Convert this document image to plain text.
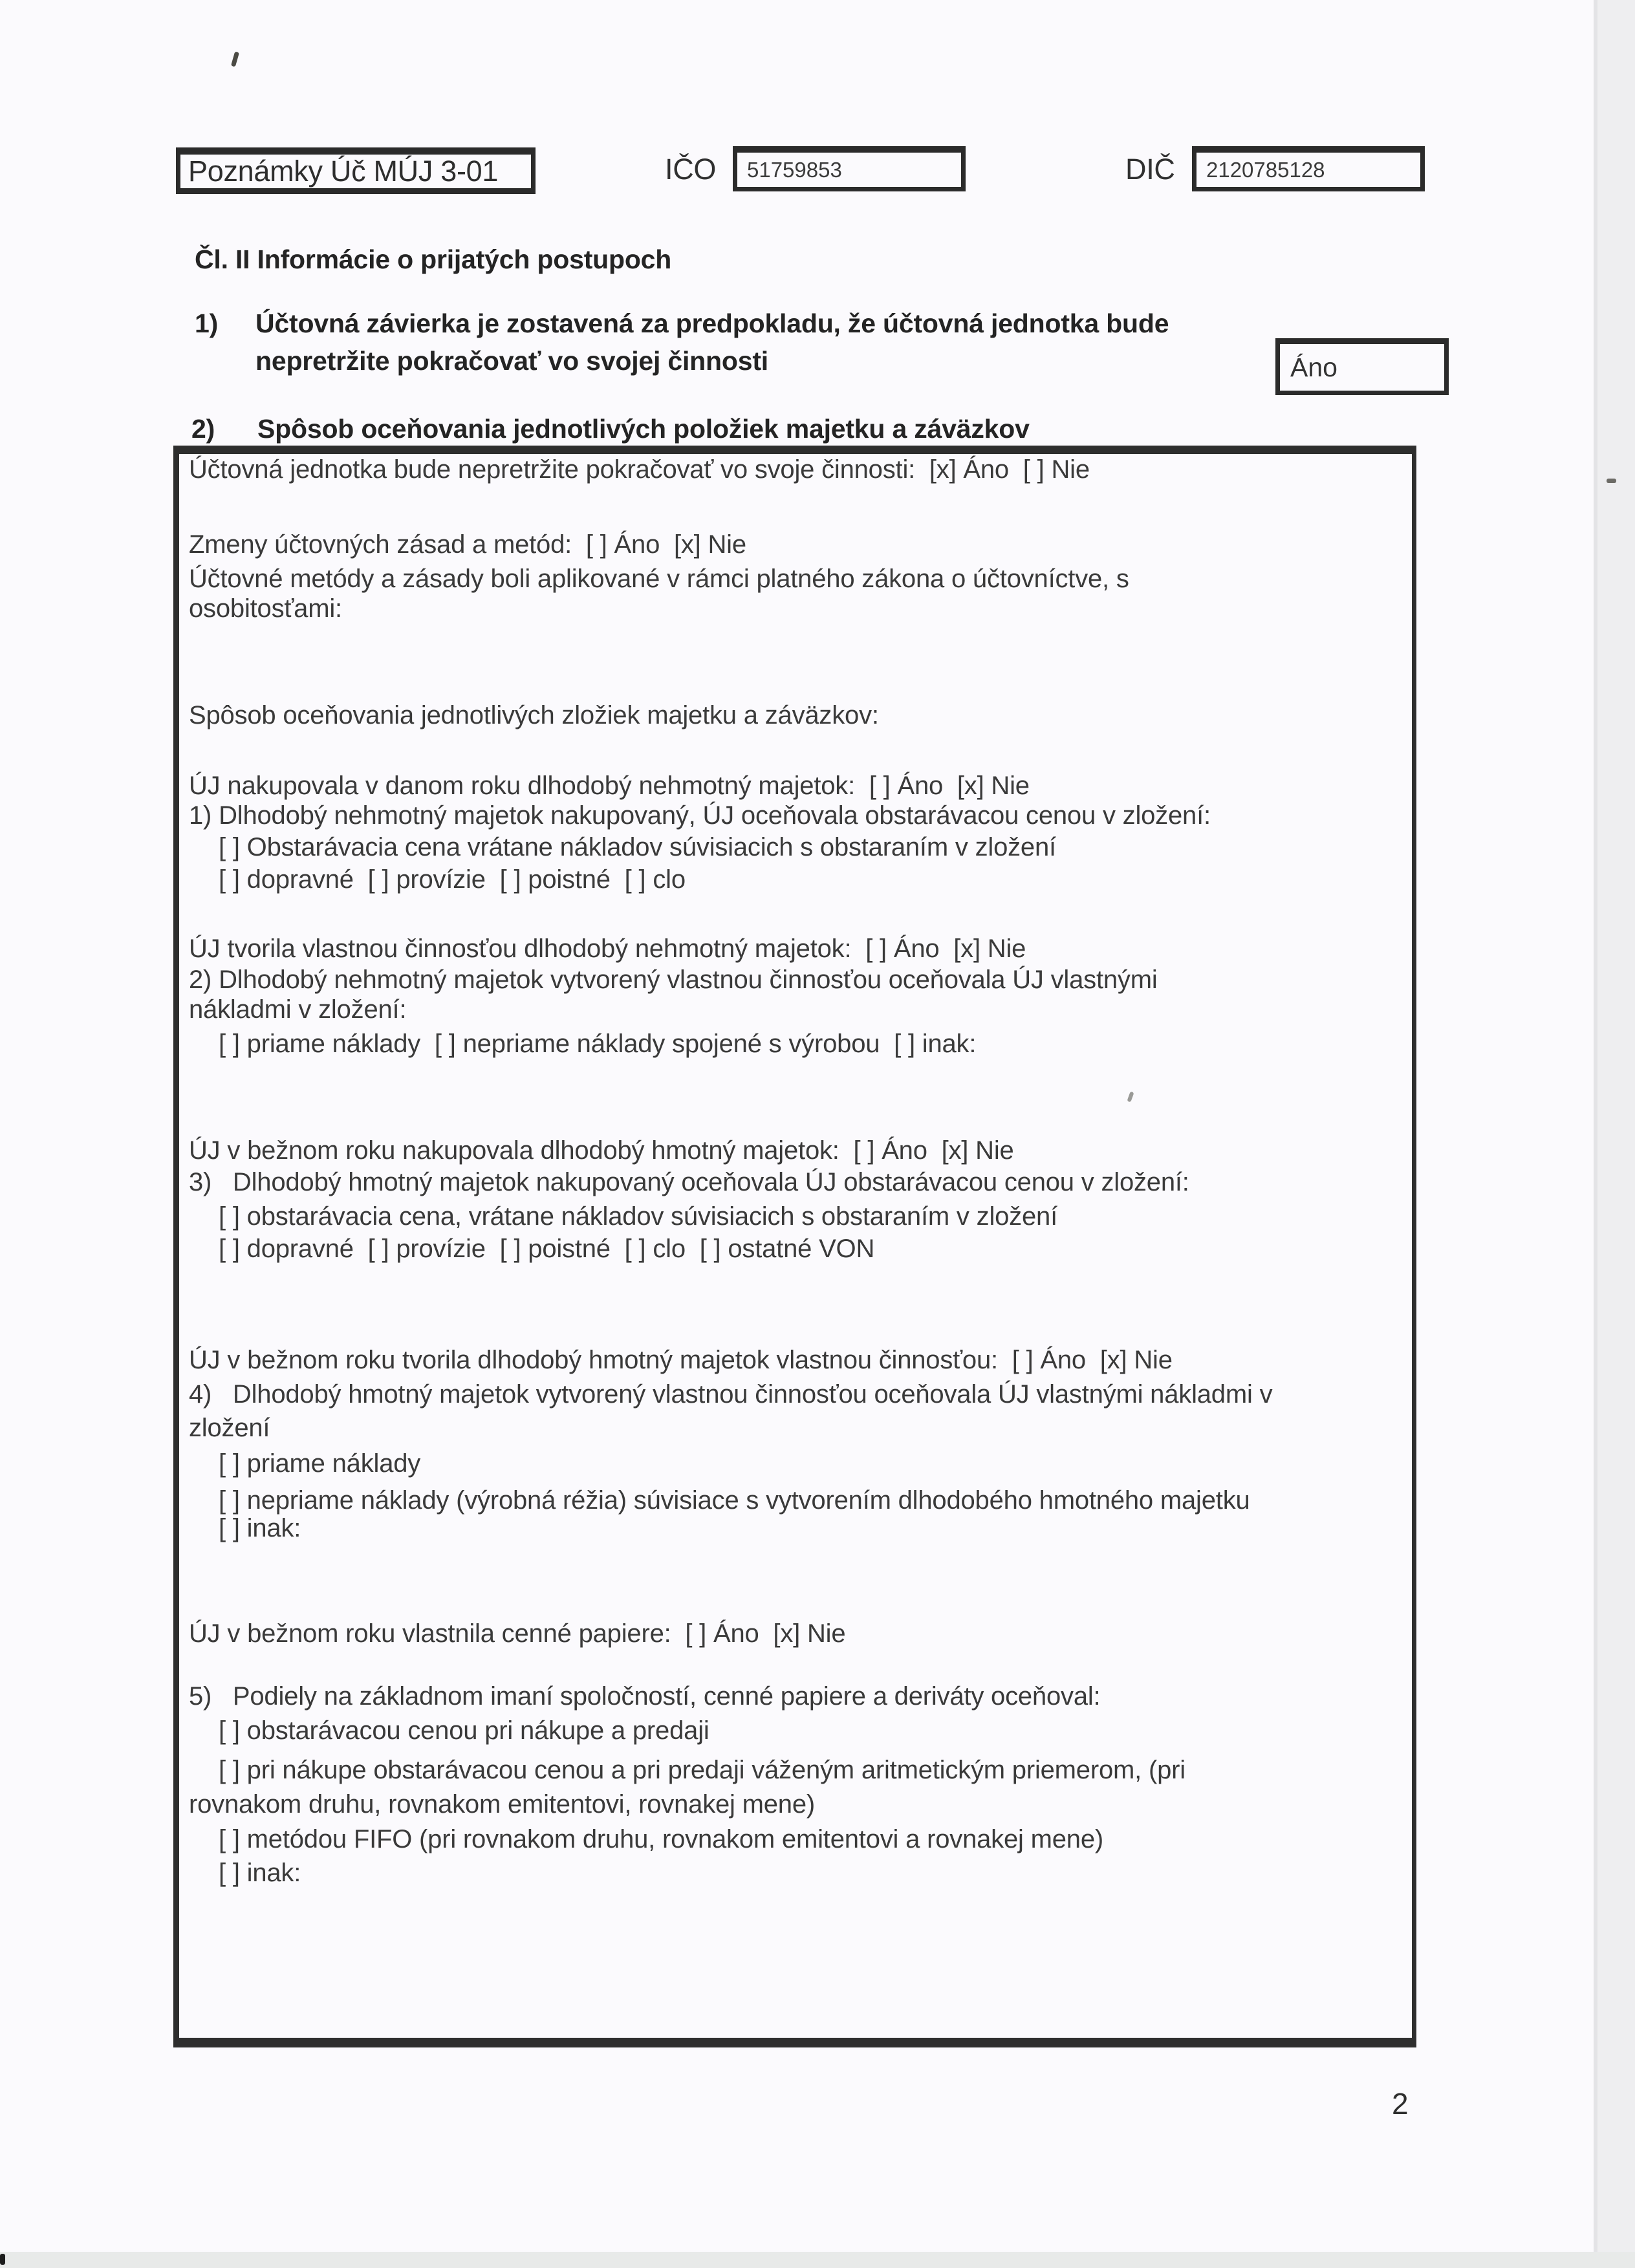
Poznámky Úč MÚJ 3-01	IČO 51759853	DIČ 2120785128
Čl. II Informácie o prijatých postupoch
1) Účtovná závierka je zostavená za predpokladu, že účtovná jednotka bude
nepretržite pokračovať vo svojej činnosti	Áno
2) Spôsob oceňovania jednotlivých položiek majetku a záväzkov
Účtovná jednotka bude nepretržite pokračovať vo svoje činnosti:  [x] Áno  [ ] Nie
Zmeny účtovných zásad a metód:  [ ] Áno  [x] Nie
Účtovné metódy a zásady boli aplikované v rámci platného zákona o účtovníctve, s
osobitosťami:
Spôsob oceňovania jednotlivých zložiek majetku a záväzkov:
ÚJ nakupovala v danom roku dlhodobý nehmotný majetok:  [ ] Áno  [x] Nie
1) Dlhodobý nehmotný majetok nakupovaný, ÚJ oceňovala obstarávacou cenou v zložení:
[ ] Obstarávacia cena vrátane nákladov súvisiacich s obstaraním v zložení
[ ] dopravné  [ ] provízie  [ ] poistné  [ ] clo
ÚJ tvorila vlastnou činnosťou dlhodobý nehmotný majetok:  [ ] Áno  [x] Nie
2) Dlhodobý nehmotný majetok vytvorený vlastnou činnosťou oceňovala ÚJ vlastnými
nákladmi v zložení:
[ ] priame náklady  [ ] nepriame náklady spojené s výrobou  [ ] inak:
ÚJ v bežnom roku nakupovala dlhodobý hmotný majetok:  [ ] Áno  [x] Nie
3)   Dlhodobý hmotný majetok nakupovaný oceňovala ÚJ obstarávacou cenou v zložení:
[ ] obstarávacia cena, vrátane nákladov súvisiacich s obstaraním v zložení
[ ] dopravné  [ ] provízie  [ ] poistné  [ ] clo  [ ] ostatné VON
ÚJ v bežnom roku tvorila dlhodobý hmotný majetok vlastnou činnosťou:  [ ] Áno  [x] Nie
4)   Dlhodobý hmotný majetok vytvorený vlastnou činnosťou oceňovala ÚJ vlastnými nákladmi v
zložení
[ ] priame náklady
[ ] nepriame náklady (výrobná réžia) súvisiace s vytvorením dlhodobého hmotného majetku
[ ] inak:
ÚJ v bežnom roku vlastnila cenné papiere:  [ ] Áno  [x] Nie
5)   Podiely na základnom imaní spoločností, cenné papiere a deriváty oceňoval:
[ ] obstarávacou cenou pri nákupe a predaji
[ ] pri nákupe obstarávacou cenou a pri predaji váženým aritmetickým priemerom, (pri
rovnakom druhu, rovnakom emitentovi, rovnakej mene)
[ ] metódou FIFO (pri rovnakom druhu, rovnakom emitentovi a rovnakej mene)
[ ] inak:
2
